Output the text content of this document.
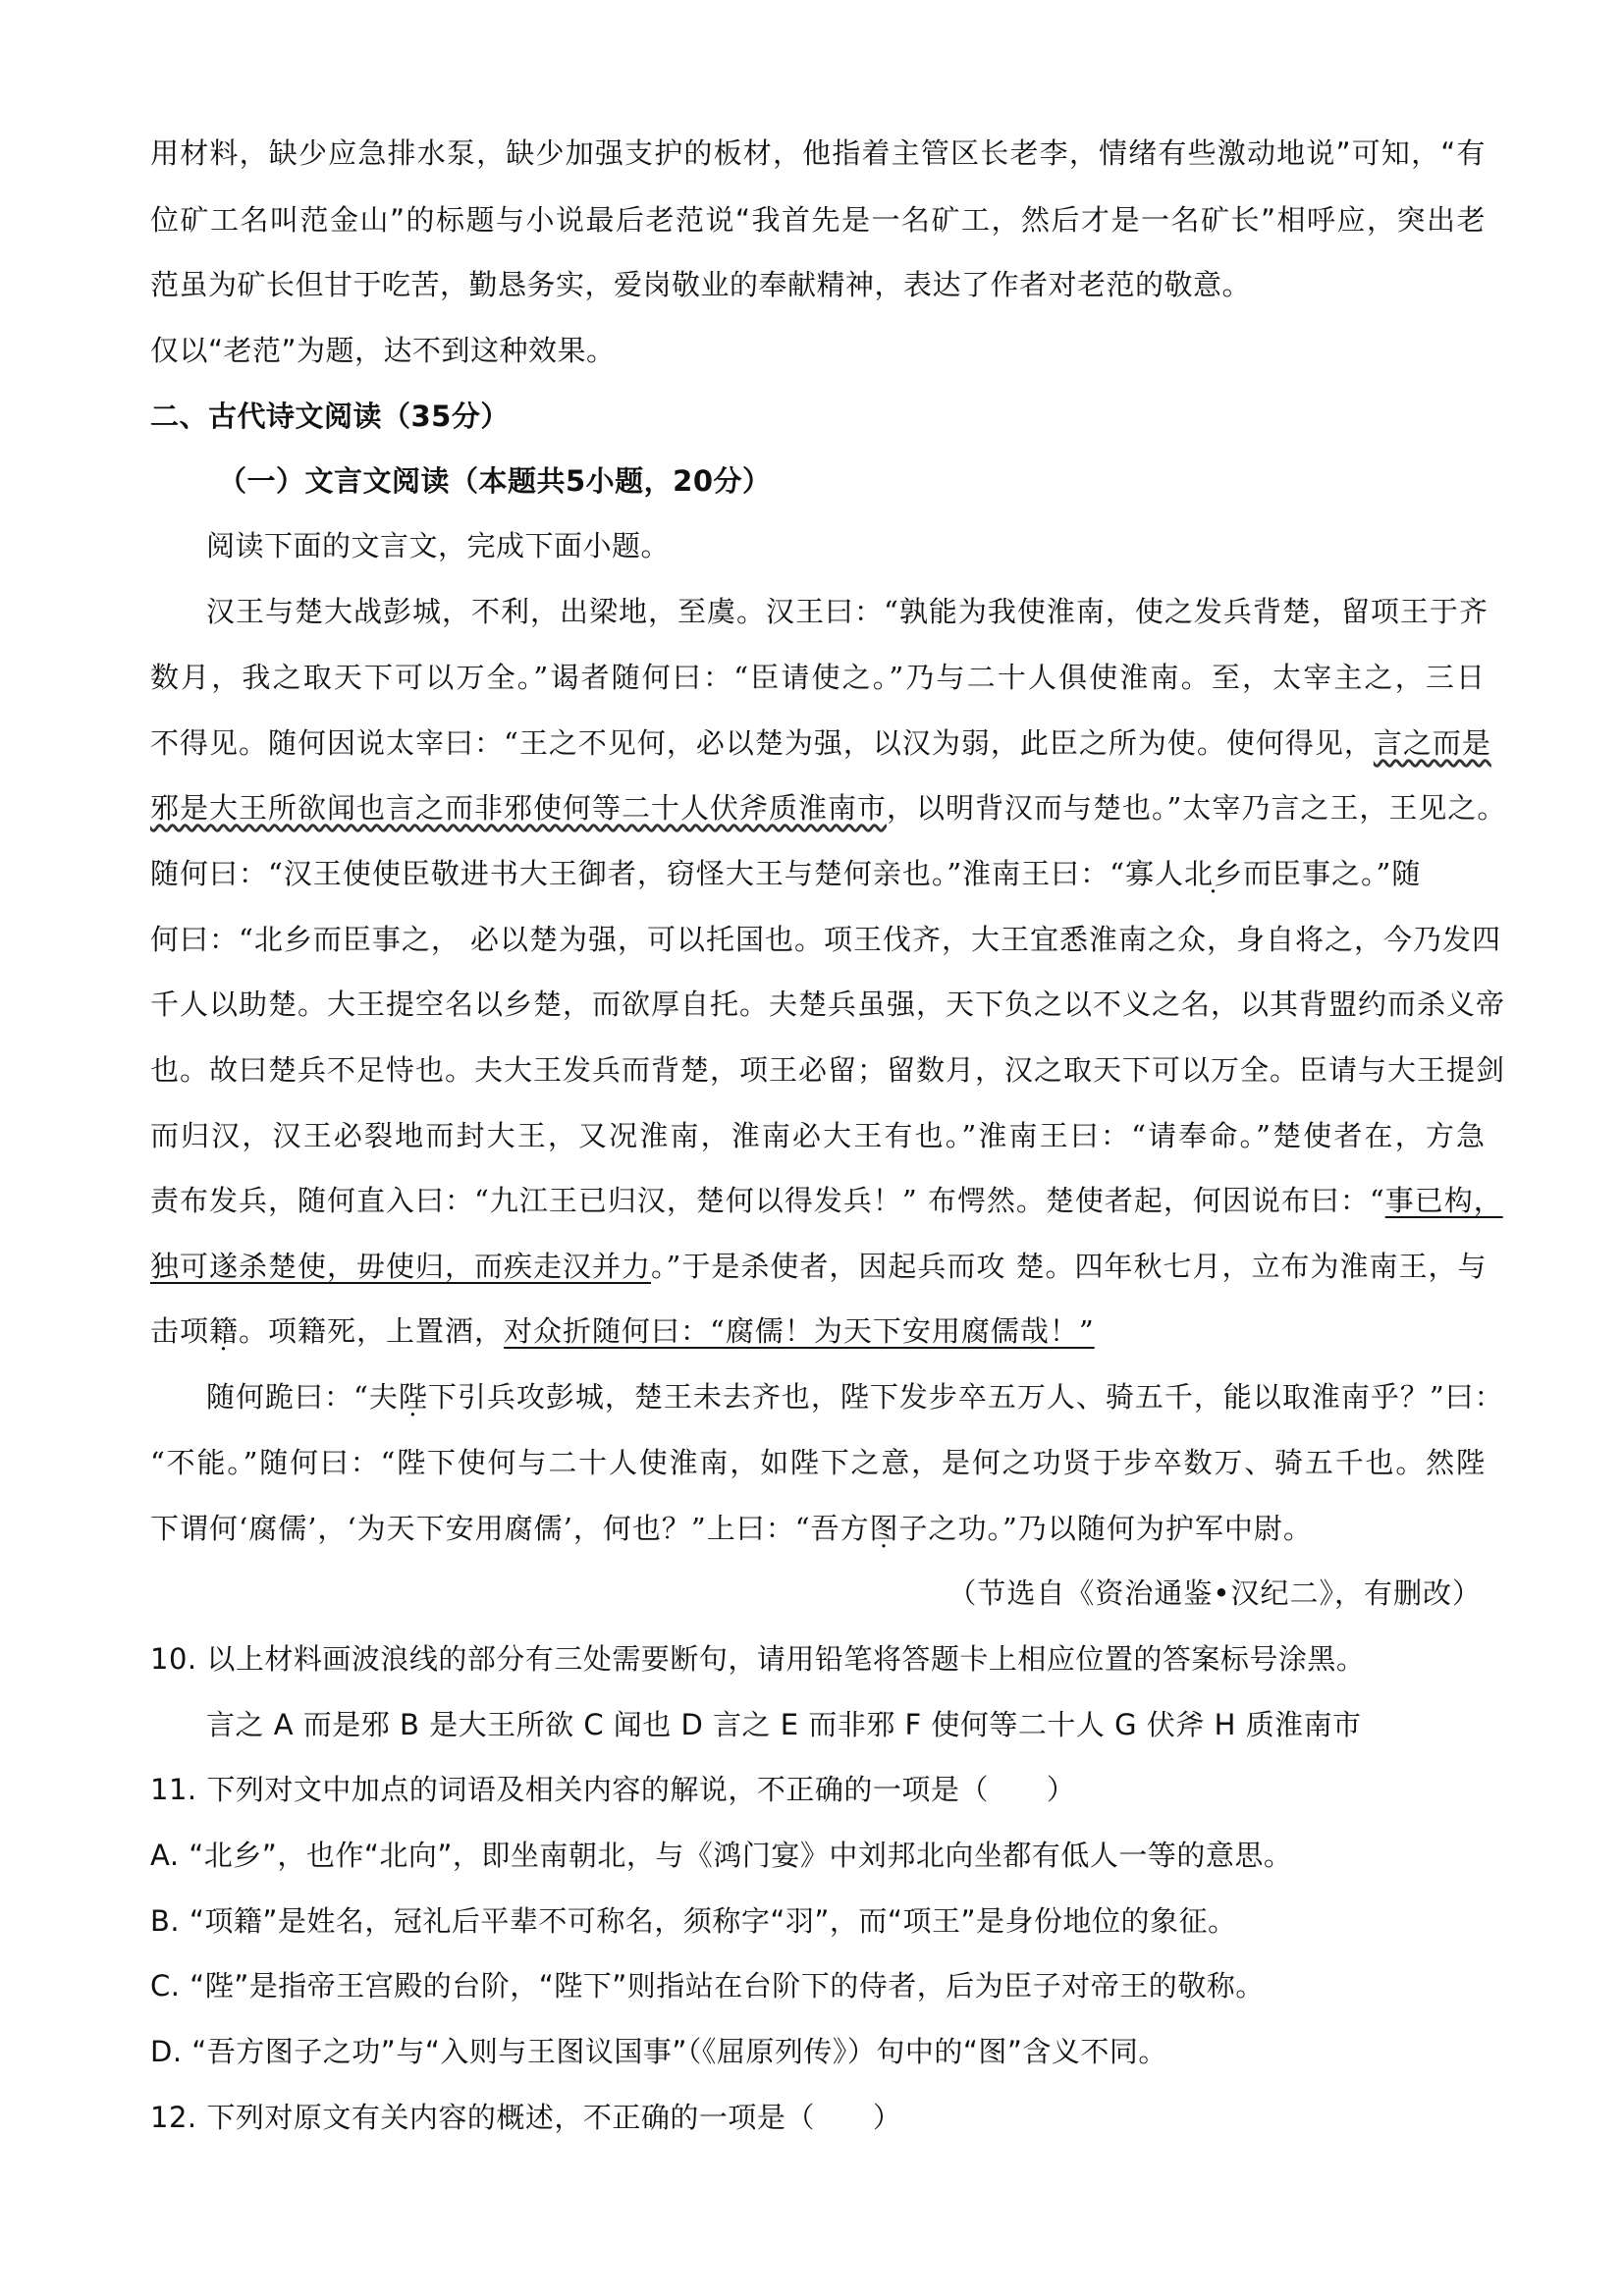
用材料，缺少应急排水泵，缺少加强支护的板材，他指着主管区长老李，情绪有些激动地说”可知，“有
位矿工名叫范金山”的标题与小说最后老范说“我首先是一名矿工，然后才是一名矿长”相呼应，突出老
范虽为矿长但甘于吃苦，勤恳务实，爱岗敬业的奉献精神，表达了作者对老范的敬意。
仅以“老范”为题，达不到这种效果。
二、古代诗文阅读（35分）
（一）文言文阅读（本题共5小题，20分）
阅读下面的文言文，完成下面小题。
汉王与楚大战彭城，不利，出梁地，至虞。汉王曰：“孰能为我使淮南，使之发兵背楚，留项王于齐
数月，我之取天下可以万全。”谒者随何曰：“臣请使之。”乃与二十人俱使淮南。至，太宰主之，三日
不得见。随何因说太宰曰：“王之不见何，必以楚为强，以汉为弱，此臣之所为使。使何得见，言之而是
邪是大王所欲闻也言之而非邪使何等二十人伏斧质淮南市，以明背汉而与楚也。”太宰乃言之王，王见之。
随何曰：“汉王使使臣敬进书大王御者，窃怪大王与楚何亲也。”淮南王曰：“寡人北乡而臣事之。”随
何曰：“北乡而臣事之， 必以楚为强，可以托国也。项王伐齐，大王宜悉淮南之众，身自将之，今乃发四
千人以助楚。大王提空名以乡楚，而欲厚自托。夫楚兵虽强，天下负之以不义之名，以其背盟约而杀义帝
也。故曰楚兵不足恃也。夫大王发兵而背楚，项王必留；留数月，汉之取天下可以万全。臣请与大王提剑
而归汉，汉王必裂地而封大王，又况淮南，淮南必大王有也。”淮南王曰：“请奉命。”楚使者在，方急
责布发兵，随何直入曰：“九江王已归汉，楚何以得发兵！” 布愕然。楚使者起，何因说布曰：“事已构，
独可遂杀楚使，毋使归，而疾走汉并力。”于是杀使者，因起兵而攻 楚。四年秋七月，立布为淮南王，与
击项籍。项籍死，上置酒，对众折随何曰：“腐儒！为天下安用腐儒哉！”
随何跪曰：“夫陛下引兵攻彭城，楚王未去齐也，陛下发步卒五万人、骑五千，能以取淮南乎？”曰：
“不能。”随何曰：“陛下使何与二十人使淮南，如陛下之意，是何之功贤于步卒数万、骑五千也。然陛
下谓何‘腐儒’，‘为天下安用腐儒’，何也？”上曰：“吾方图子之功。”乃以随何为护军中尉。
（节选自《资治通鉴•汉纪二》，有删改）
10. 以上材料画波浪线的部分有三处需要断句，请用铅笔将答题卡上相应位置的答案标号涂黑。
言之 A 而是邪 B 是大王所欲 C 闻也 D 言之 E 而非邪 F 使何等二十人 G 伏斧 H 质淮南市
11. 下列对文中加点的词语及相关内容的解说，不正确的一项是（　　）
A. “北乡”，也作“北向”，即坐南朝北，与《鸿门宴》中刘邦北向坐都有低人一等的意思。
B. “项籍”是姓名，冠礼后平辈不可称名，须称字“羽”，而“项王”是身份地位的象征。
C. “陛”是指帝王宫殿的台阶，“陛下”则指站在台阶下的侍者，后为臣子对帝王的敬称。
D. “吾方图子之功”与“入则与王图议国事”（《屈原列传》）句中的“图”含义不同。
12. 下列对原文有关内容的概述，不正确的一项是（　　）
